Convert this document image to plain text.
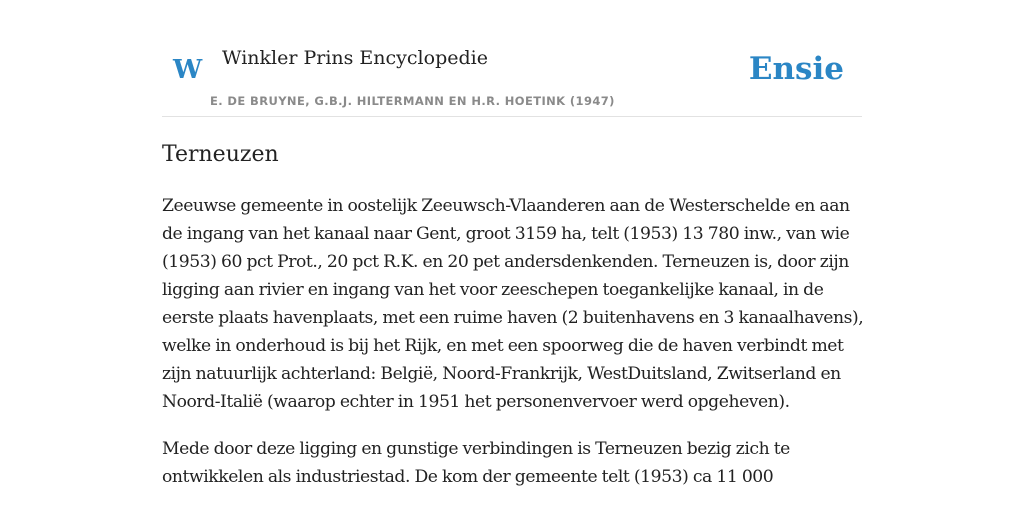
W Winkler Prins Encyclopedie
E. DE BRUYNE, G.B.J. HILTERMANN EN H.R. HOETINK (1947)
Ensie
Terneuzen

Zeeuwse gemeente in oostelijk Zeeuwsch-Vlaanderen aan de Westerschelde en aan de ingang van het kanaal naar Gent, groot 3159 ha, telt (1953) 13 780 inw., van wie (1953) 60 pct Prot., 20 pct R.K. en 20 pet andersdenkenden. Terneuzen is, door zijn ligging aan rivier en ingang van het voor zeeschepen toegankelijke kanaal, in de eerste plaats havenplaats, met een ruime haven (2 buitenhavens en 3 kanaalhavens), welke in onderhoud is bij het Rijk, en met een spoorweg die de haven verbindt met zijn natuurlijk achterland: België, Noord-Frankrijk, WestDuitsland, Zwitserland en Noord-Italië (waarop echter in 1951 het personenvervoer werd opgeheven).

Mede door deze ligging en gunstige verbindingen is Terneuzen bezig zich te ontwikkelen als industriestad. De kom der gemeente telt (1953) ca 11 000
